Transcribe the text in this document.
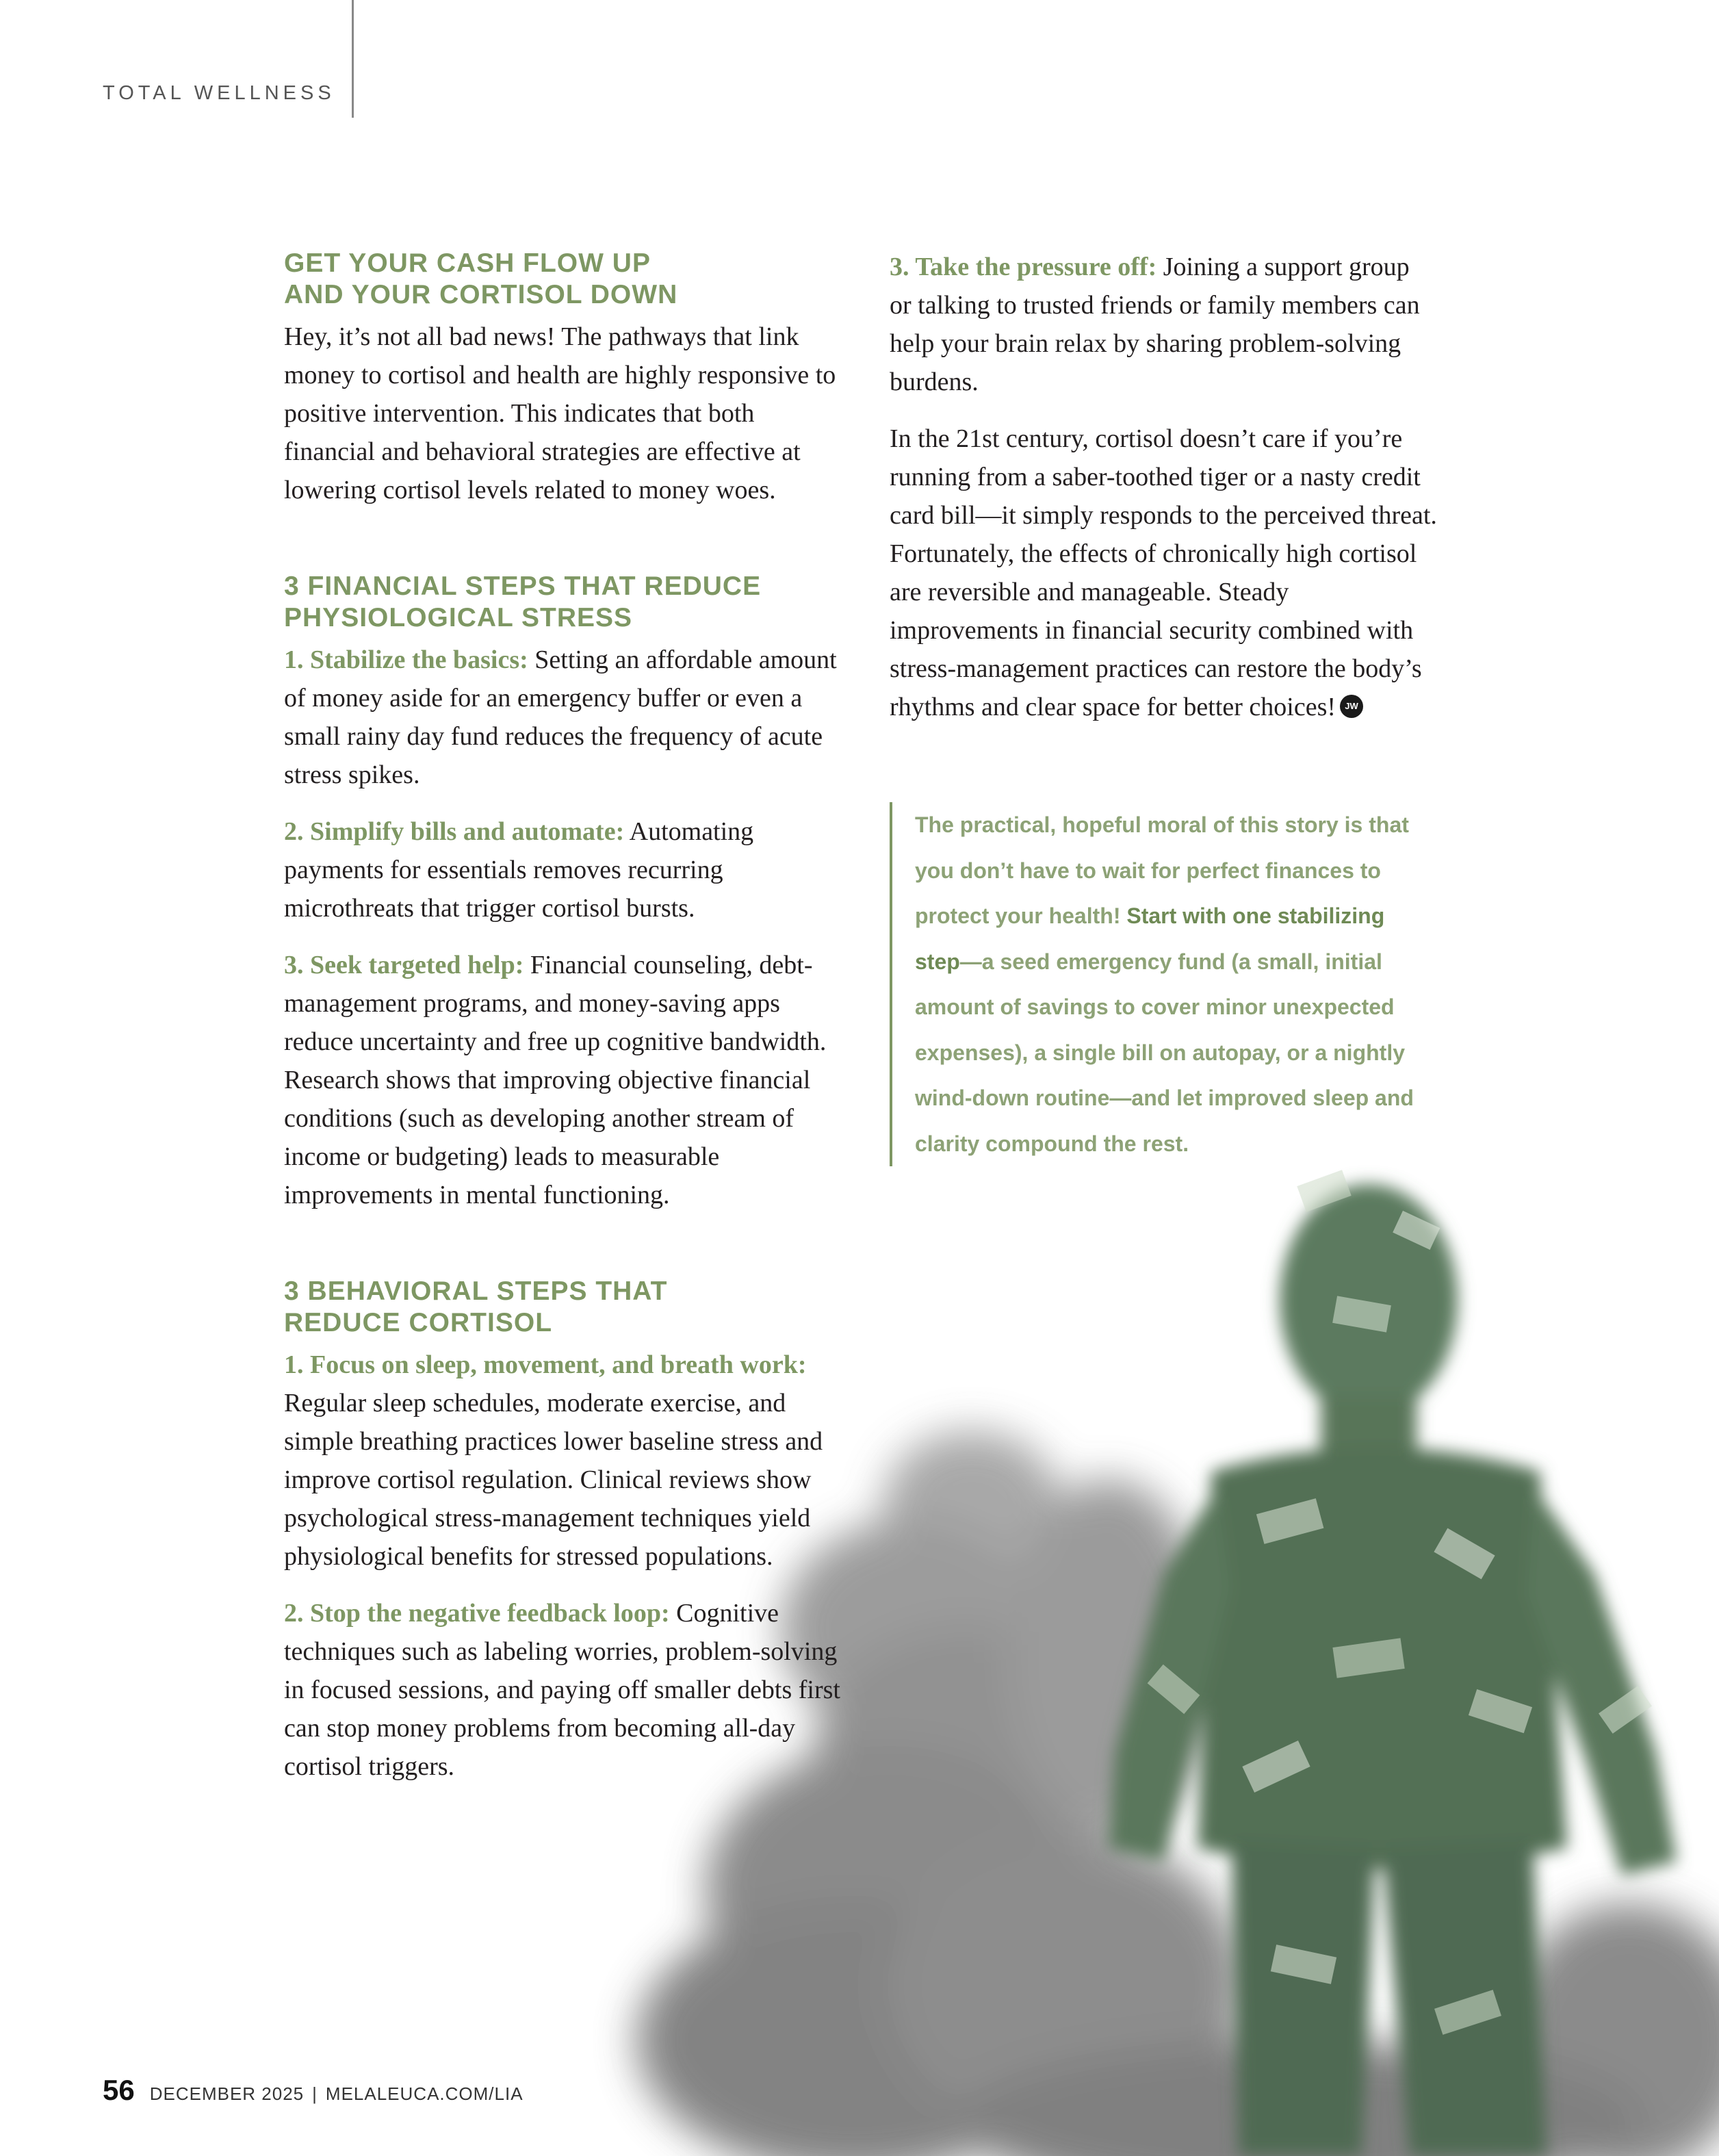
TOTAL WELLNESS
GET YOUR CASH FLOW UP
AND YOUR CORTISOL DOWN

Hey, it’s not all bad news! The pathways that link money to cortisol and health are highly responsive to positive intervention. This indicates that both financial and behavioral strategies are effective at lowering cortisol levels related to money woes.

3 FINANCIAL STEPS THAT REDUCE
PHYSIOLOGICAL STRESS

1. Stabilize the basics: Setting an affordable amount of money aside for an emergency buffer or even a small rainy day fund reduces the frequency of acute stress spikes.

2. Simplify bills and automate: Automating payments for essentials removes recurring microthreats that trigger cortisol bursts.

3. Seek targeted help: Financial counseling, debt-management programs, and money-saving apps reduce uncertainty and free up cognitive bandwidth. Research shows that improving objective financial conditions (such as developing another stream of income or budgeting) leads to measurable improvements in mental functioning.

3 BEHAVIORAL STEPS THAT
REDUCE CORTISOL

1. Focus on sleep, movement, and breath work: Regular sleep schedules, moderate exercise, and simple breathing practices lower baseline stress and improve cortisol regulation. Clinical reviews show psychological stress-management techniques yield physiological benefits for stressed populations.

2. Stop the negative feedback loop: Cognitive techniques such as labeling worries, problem-solving in focused sessions, and paying off smaller debts first can stop money problems from becoming all-day cortisol triggers.

3. Take the pressure off: Joining a support group or talking to trusted friends or family members can help your brain relax by sharing problem-solving burdens.

In the 21st century, cortisol doesn’t care if you’re running from a saber-toothed tiger or a nasty credit card bill—it simply responds to the perceived threat. Fortunately, the effects of chronically high cortisol are reversible and manageable. Steady improvements in financial security combined with stress-management practices can restore the body’s rhythms and clear space for better choices! JW

The practical, hopeful moral of this story is that you don’t have to wait for perfect finances to protect your health! Start with one stabilizing step—a seed emergency fund (a small, initial amount of savings to cover minor unexpected expenses), a single bill on autopay, or a nightly wind-down routine—and let improved sleep and clarity compound the rest.
56 DECEMBER 2025 | MELALEUCA.COM/LIA
